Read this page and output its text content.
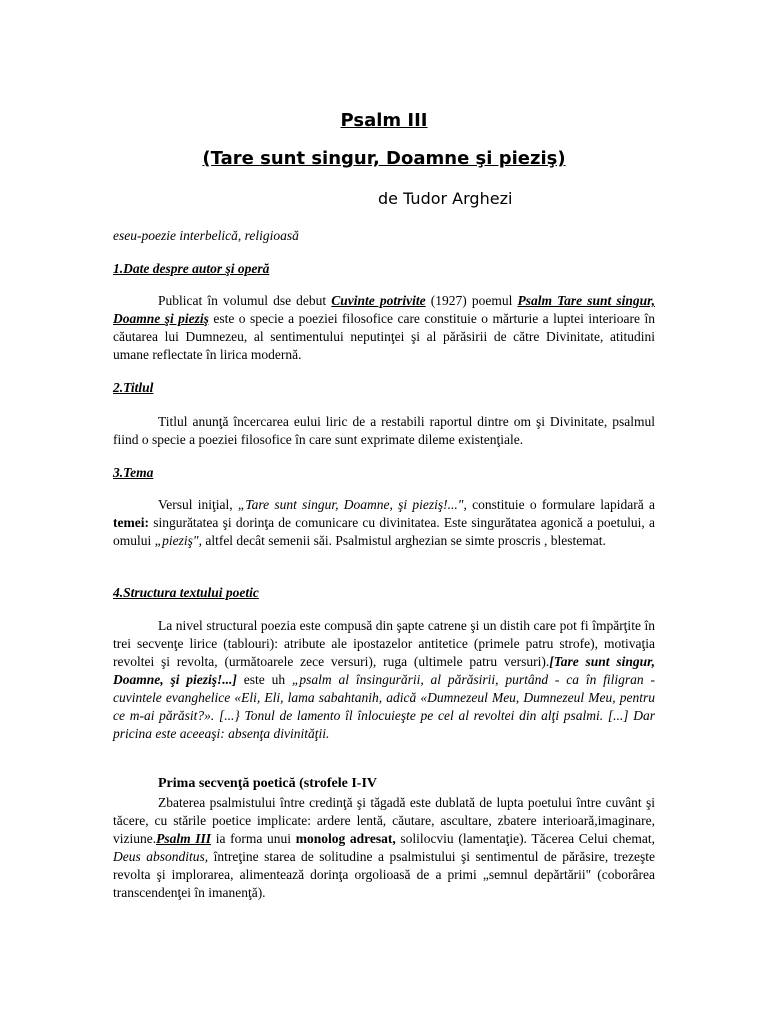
Psalm III
(Tare sunt singur, Doamne şi pieziş)
de Tudor Arghezi
eseu-poezie interbelică, religioasă
1.Date despre autor şi operă

Publicat în volumul dse debut Cuvinte potrivite (1927) poemul Psalm Tare sunt singur, Doamne şi pieziş este o specie a poeziei filosofice care constituie o mărturie a luptei interioare în căutarea lui Dumnezeu, al sentimentului neputinţei şi al părăsirii de către Divinitate, atitudini umane reflectate în lirica modernă.

2.Titlul

Titlul anunţă încercarea eului liric de a restabili raportul dintre om şi Divinitate, psalmul fiind o specie a poeziei filosofice în care sunt exprimate dileme existenţiale.

3.Tema

Versul iniţial, „Tare sunt singur, Doamne, şi pieziş!...", constituie o formulare lapidară a temei: singurătatea şi dorinţa de comunicare cu divinitatea. Este singurătatea agonică a poetului, a omului „pieziş", altfel decât semenii săi. Psalmistul arghezian se simte proscris , blestemat.

4.Structura textului poetic

La nivel structural poezia este compusă din şapte catrene şi un distih care pot fi împărţite în trei secvenţe lirice (tablouri): atribute ale ipostazelor antitetice (primele patru strofe), motivaţia revoltei şi revolta, (următoarele zece versuri), ruga (ultimele patru versuri).[Tare sunt singur, Doamne, şi pieziş!...] este uh „psalm al însingurării, al părăsirii, purtând - ca în filigran - cuvintele evanghelice «Eli, Eli, lama sabahtanih, adică «Dumnezeul Meu, Dumnezeul Meu, pentru ce m-ai părăsit?». [...} Tonul de lamento îl înlocuieşte pe cel al revoltei din alţi psalmi. [...] Dar pricina este aceeaşi: absenţa divinităţii.

Prima secvenţă poetică (strofele I-IV

Zbaterea psalmistului între credinţă şi tăgadă este dublată de lupta poetului între cuvânt şi tăcere, cu stările poetice implicate: ardere lentă, căutare, ascultare, zbatere interioară,imaginare, viziune.Psalm III ia forma unui monolog adresat, solilocviu (lamentaţie). Tăcerea Celui chemat, Deus absonditus, întreţine starea de solitudine a psalmistului şi sentimentul de părăsire, trezeşte revolta şi implorarea, alimentează dorinţa orgolioasă de a primi „semnul depărtării" (coborârea transcendenţei în imanenţă).
